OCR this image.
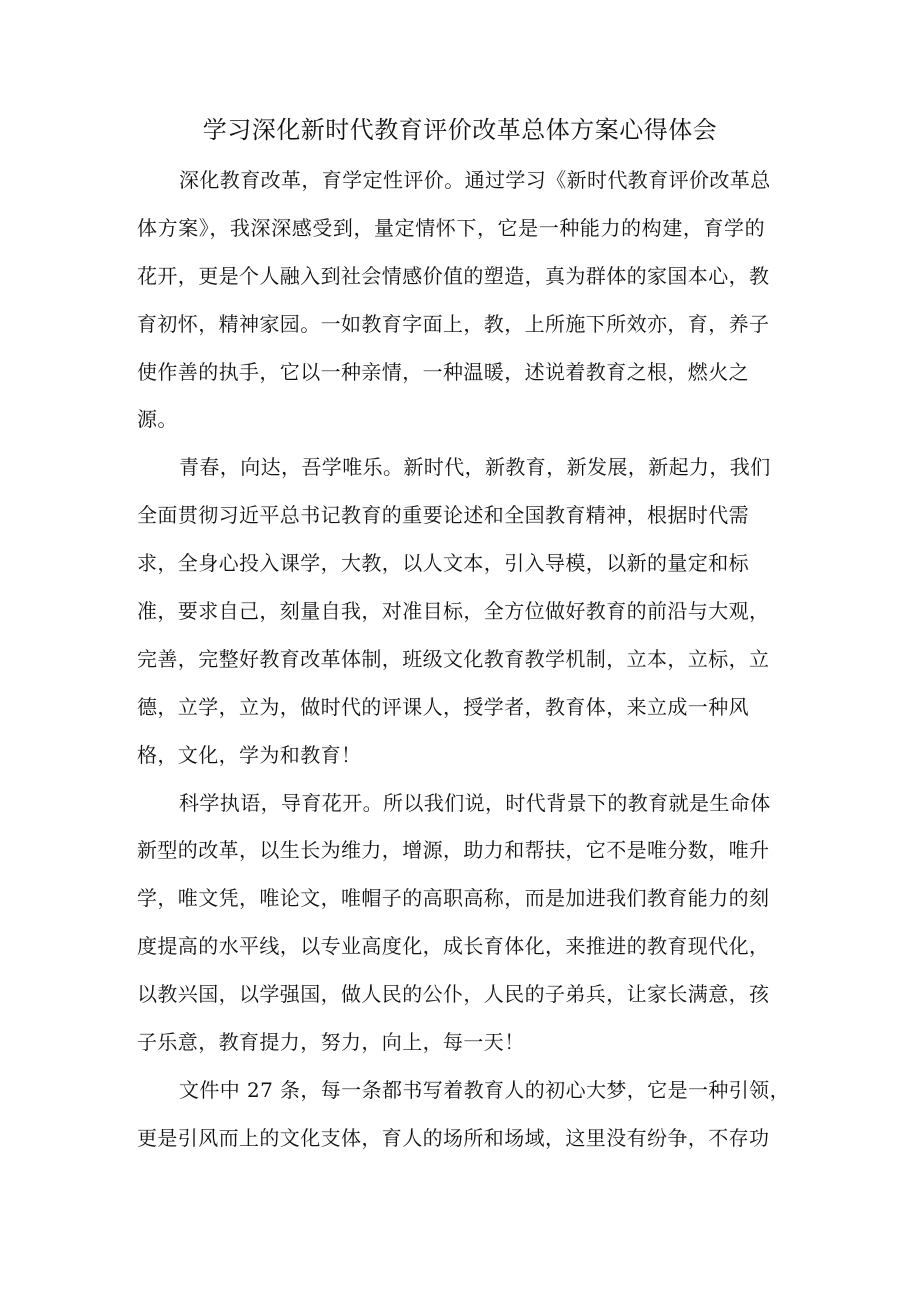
学习深化新时代教育评价改革总体方案心得体会
深化教育改革，育学定性评价。通过学习《新时代教育评价改革总
体方案》，我深深感受到，量定情怀下，它是一种能力的构建，育学的
花开，更是个人融入到社会情感价值的塑造，真为群体的家国本心，教
育初怀，精神家园。一如教育字面上，教，上所施下所效亦，育，养子
使作善的执手，它以一种亲情，一种温暖，述说着教育之根，燃火之
源。
青春，向达，吾学唯乐。新时代，新教育，新发展，新起力，我们
全面贯彻习近平总书记教育的重要论述和全国教育精神，根据时代需
求，全身心投入课学，大教，以人文本，引入导模，以新的量定和标
准，要求自己，刻量自我，对准目标，全方位做好教育的前沿与大观，
完善，完整好教育改革体制，班级文化教育教学机制，立本，立标，立
德，立学，立为，做时代的评课人，授学者，教育体，来立成一种风
格，文化，学为和教育！
科学执语，导育花开。所以我们说，时代背景下的教育就是生命体
新型的改革，以生长为维力，增源，助力和帮扶，它不是唯分数，唯升
学，唯文凭，唯论文，唯帽子的高职高称，而是加进我们教育能力的刻
度提高的水平线，以专业高度化，成长育体化，来推进的教育现代化，
以教兴国，以学强国，做人民的公仆，人民的子弟兵，让家长满意，孩
子乐意，教育提力，努力，向上，每一天！
文件中 27 条，每一条都书写着教育人的初心大梦，它是一种引领，
更是引风而上的文化支体，育人的场所和场域，这里没有纷争，不存功
